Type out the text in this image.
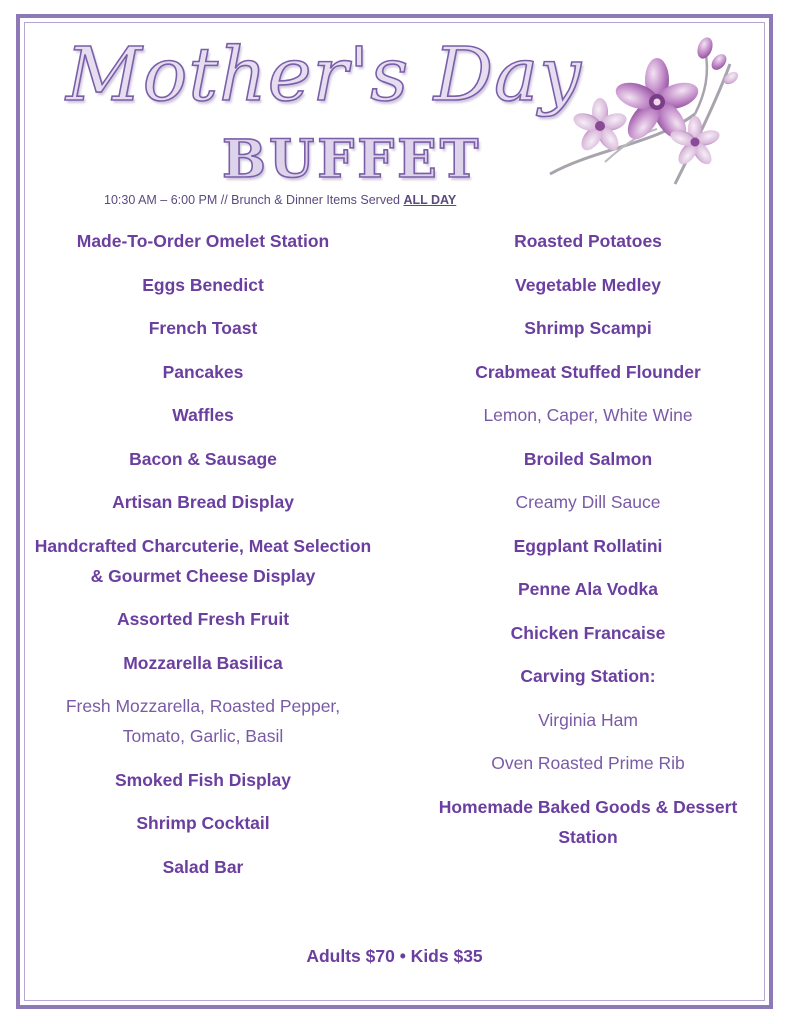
Mother's Day
BUFFET
10:30 AM – 6:00 PM // Brunch & Dinner Items Served ALL DAY
Made-To-Order Omelet Station
Eggs Benedict
French Toast
Pancakes
Waffles
Bacon & Sausage
Artisan Bread Display
Handcrafted Charcuterie, Meat Selection & Gourmet Cheese Display
Assorted Fresh Fruit
Mozzarella Basilica
Fresh Mozzarella, Roasted Pepper, Tomato, Garlic, Basil
Smoked Fish Display
Shrimp Cocktail
Salad Bar
Roasted Potatoes
Vegetable Medley
Shrimp Scampi
Crabmeat Stuffed Flounder
Lemon, Caper, White Wine
Broiled Salmon
Creamy Dill Sauce
Eggplant Rollatini
Penne Ala Vodka
Chicken Francaise
Carving Station:
Virginia Ham
Oven Roasted Prime Rib
Homemade Baked Goods & Dessert Station
Adults $70 • Kids $35
